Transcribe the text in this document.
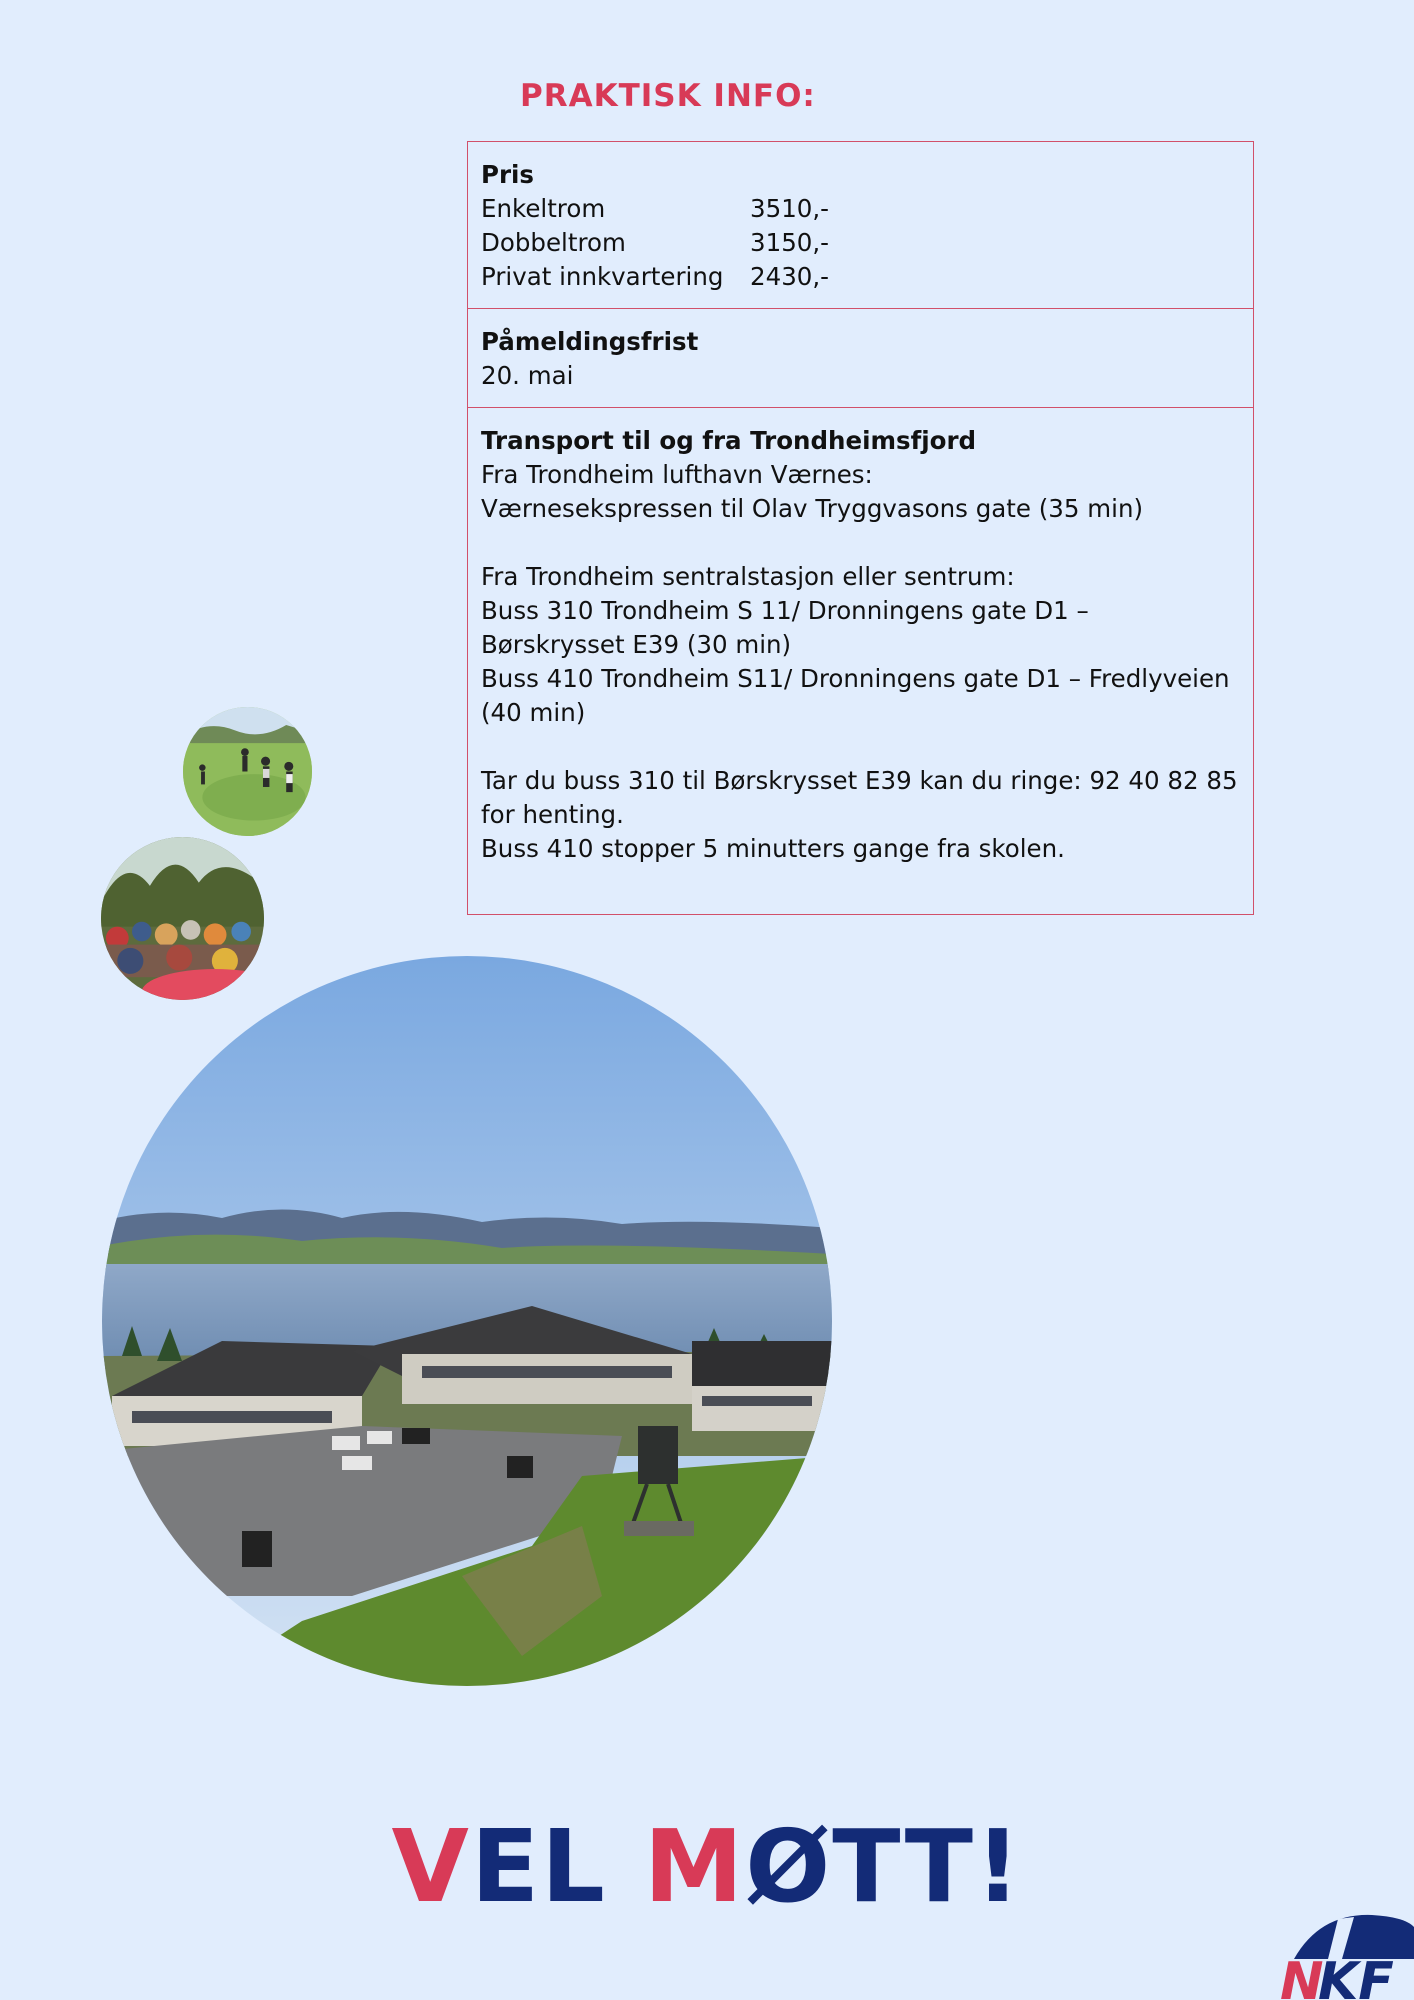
PRAKTISK INFO:
Pris
Enkeltrom	3510,-
Dobbeltrom	3150,-
Privat innkvartering	2430,-
Påmeldingsfrist
20. mai
Transport til og fra Trondheimsfjord
Fra Trondheim lufthavn Værnes:
Værnesekspressen til Olav Tryggvasons gate (35 min)
Fra Trondheim sentralstasjon eller sentrum:
Buss 310 Trondheim S 11/ Dronningens gate D1 – Børskrysset E39 (30 min)
Buss 410 Trondheim S11/ Dronningens gate D1 – Fredlyveien (40 min)
Tar du buss 310 til Børskrysset E39 kan du ringe: 92 40 82 85 for henting.
Buss 410 stopper 5 minutters gange fra skolen.
VEL MØTT!
N
KF
